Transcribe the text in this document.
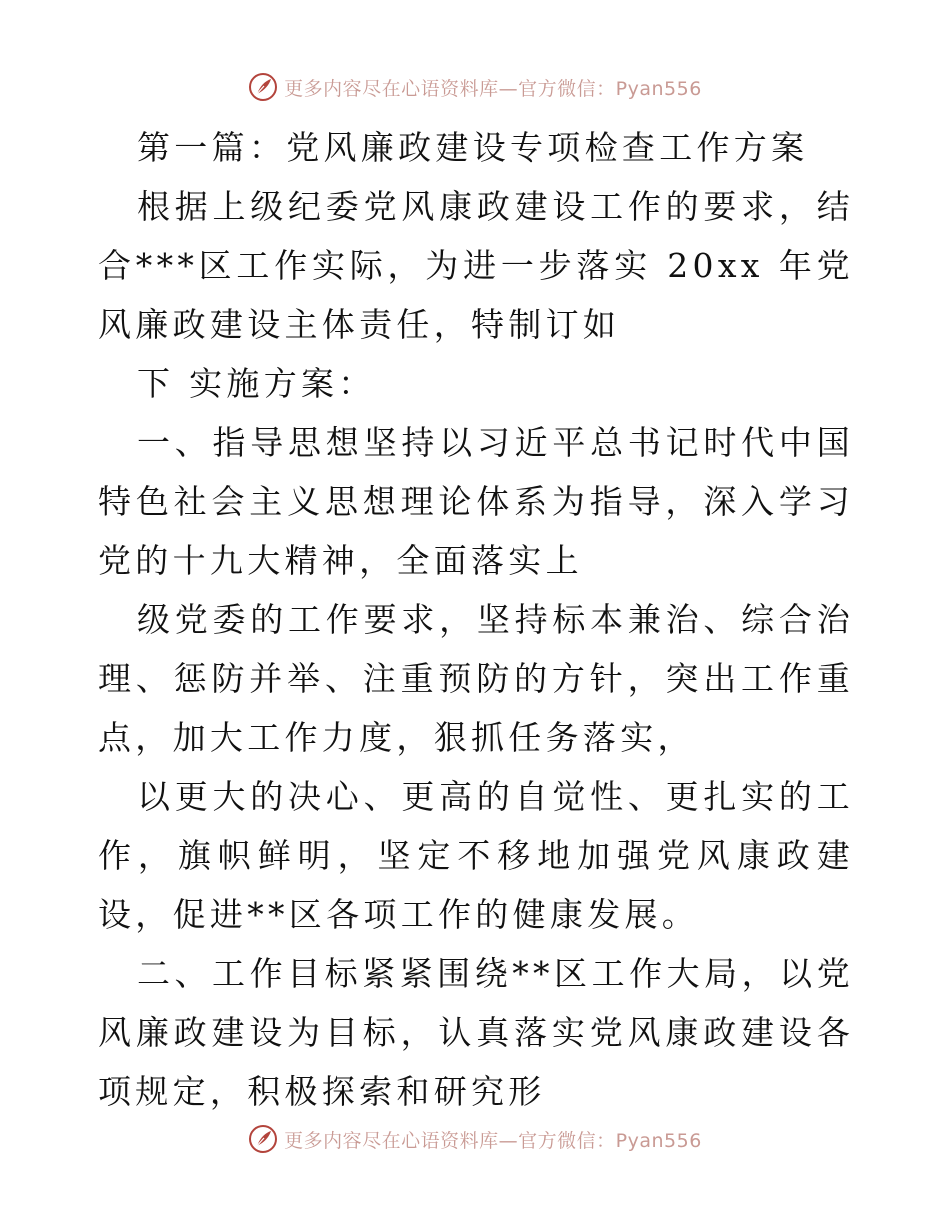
更多内容尽在心语资料库—官方微信：Pyan556

第一篇：党风廉政建设专项检查工作方案

根据上级纪委党风康政建设工作的要求，结合***区工作实际，为进一步落实 20xx 年党风廉政建设主体责任，特制订如

下 实施方案：

一、指导思想坚持以习近平总书记时代中国特色社会主义思想理论体系为指导，深入学习党的十九大精神，全面落实上

级党委的工作要求，坚持标本兼治、综合治理、惩防并举、注重预防的方针，突出工作重点，加大工作力度，狠抓任务落实，

以更大的决心、更高的自觉性、更扎实的工作，旗帜鲜明，坚定不移地加强党风康政建设，促进**区各项工作的健康发展。

二、工作目标紧紧围绕**区工作大局，以党风廉政建设为目标，认真落实党风康政建设各项规定，积极探索和研究形

更多内容尽在心语资料库—官方微信：Pyan556
